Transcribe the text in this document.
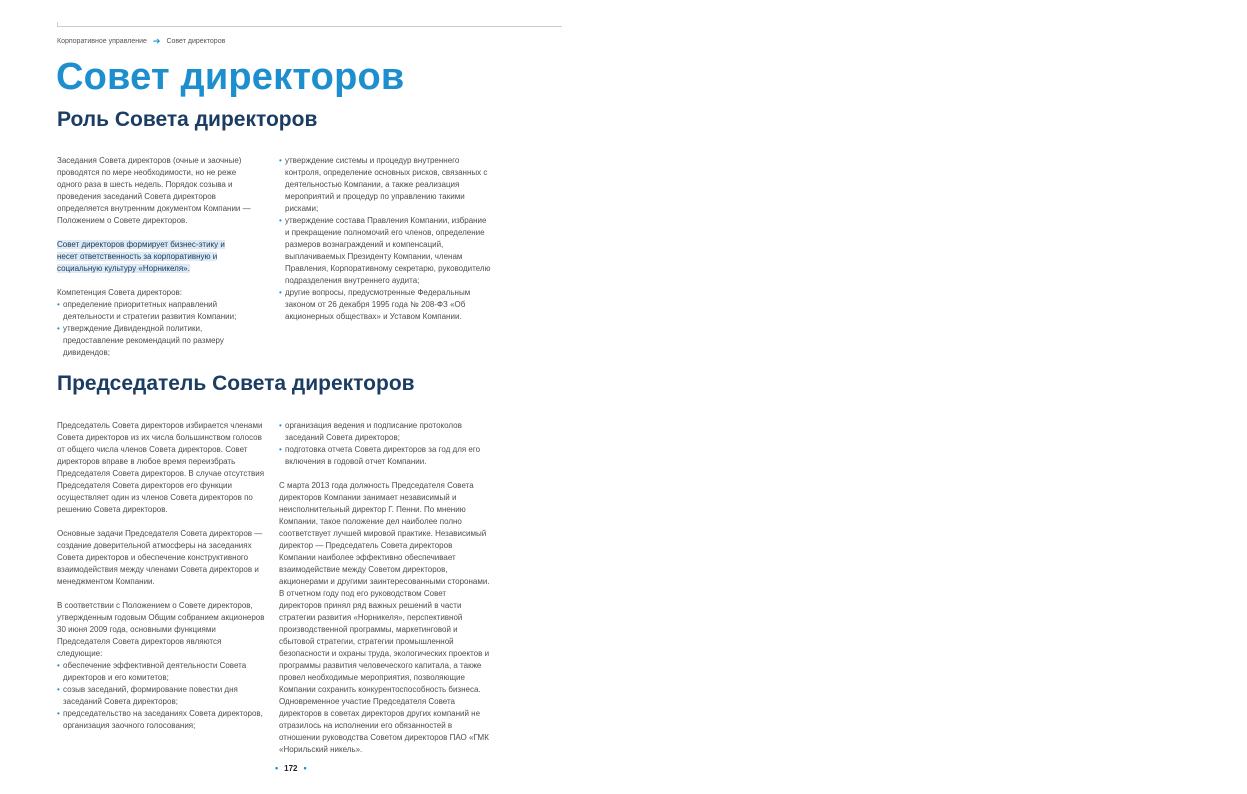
Корпоративное управление ➔ Совет директоров
Совет директоров
Роль Совета директоров

Заседания Совета директоров (очные и заочные) проводятся по мере необходимости, но не реже одного раза в шесть недель. Порядок созыва и проведения заседаний Совета директоров определяется внутренним документом Компании — Положением о Совете директоров.

Совет директоров формирует бизнес-этику и несет ответственность за корпоративную и социальную культуру «Норникеля».

Компетенция Совета директоров:

• определение приоритетных направлений деятельности и стратегии развития Компании;
• утверждение Дивидендной политики, предоставление рекомендаций по размеру дивидендов;
• утверждение системы и процедур внутреннего контроля, определение основных рисков, связанных с деятельностью Компании, а также реализация мероприятий и процедур по управлению такими рисками;
• утверждение состава Правления Компании, избрание и прекращение полномочий его членов, определение размеров вознаграждений и компенсаций, выплачиваемых Президенту Компании, членам Правления, Корпоративному секретарю, руководителю подразделения внутреннего аудита;
• другие вопросы, предусмотренные Федеральным законом от 26 декабря 1995 года № 208-ФЗ «Об акционерных обществах» и Уставом Компании.
Председатель Совета директоров

Председатель Совета директоров избирается членами Совета директоров из их числа большинством голосов от общего числа членов Совета директоров. Совет директоров вправе в любое время переизбрать Председателя Совета директоров. В случае отсутствия Председателя Совета директоров его функции осуществляет один из членов Совета директоров по решению Совета директоров.

Основные задачи Председателя Совета директоров — создание доверительной атмосферы на заседаниях Совета директоров и обеспечение конструктивного взаимодействия между членами Совета директоров и менеджментом Компании.

В соответствии с Положением о Совете директоров, утвержденным годовым Общим собранием акционеров 30 июня 2009 года, основными функциями Председателя Совета директоров являются следующие:

• обеспечение эффективной деятельности Совета директоров и его комитетов;
• созыв заседаний, формирование повестки дня заседаний Совета директоров;
• председательство на заседаниях Совета директоров, организация заочного голосования;
• организация ведения и подписание протоколов заседаний Совета директоров;
• подготовка отчета Совета директоров за год для его включения в годовой отчет Компании.

С марта 2013 года должность Председателя Совета директоров Компании занимает независимый и неисполнительный директор Г. Пенни. По мнению Компании, такое положение дел наиболее полно соответствует лучшей мировой практике. Независимый директор — Председатель Совета директоров Компании наиболее эффективно обеспечивает взаимодействие между Советом директоров, акционерами и другими заинтересованными сторонами. В отчетном году под его руководством Совет директоров принял ряд важных решений в части стратегии развития «Норникеля», перспективной производственной программы, маркетинговой и сбытовой стратегии, стратегии промышленной безопасности и охраны труда, экологических проектов и программы развития человеческого капитала, а также провел необходимые мероприятия, позволяющие Компании сохранить конкурентоспособность бизнеса. Одновременное участие Председателя Совета директоров в советах директоров других компаний не отразилось на исполнении его обязанностей в отношении руководства Советом директоров ПАО «ГМК «Норильский никель».

• 172 •
